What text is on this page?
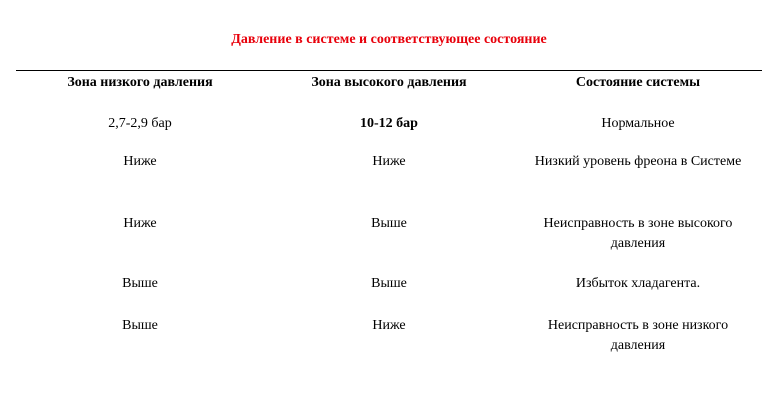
Давление в системе и соответствующее состояние
Зона низкого давления	Зона высокого давления	Состояние системы
2,7-2,9 бар	10-12 бар	Нормальное
Ниже	Ниже	Низкий уровень фреона в Системе
Ниже	Выше	Неисправность в зоне высокого давления
Выше	Выше	Избыток хладагента.
Выше	Ниже	Неисправность в зоне низкого давления
